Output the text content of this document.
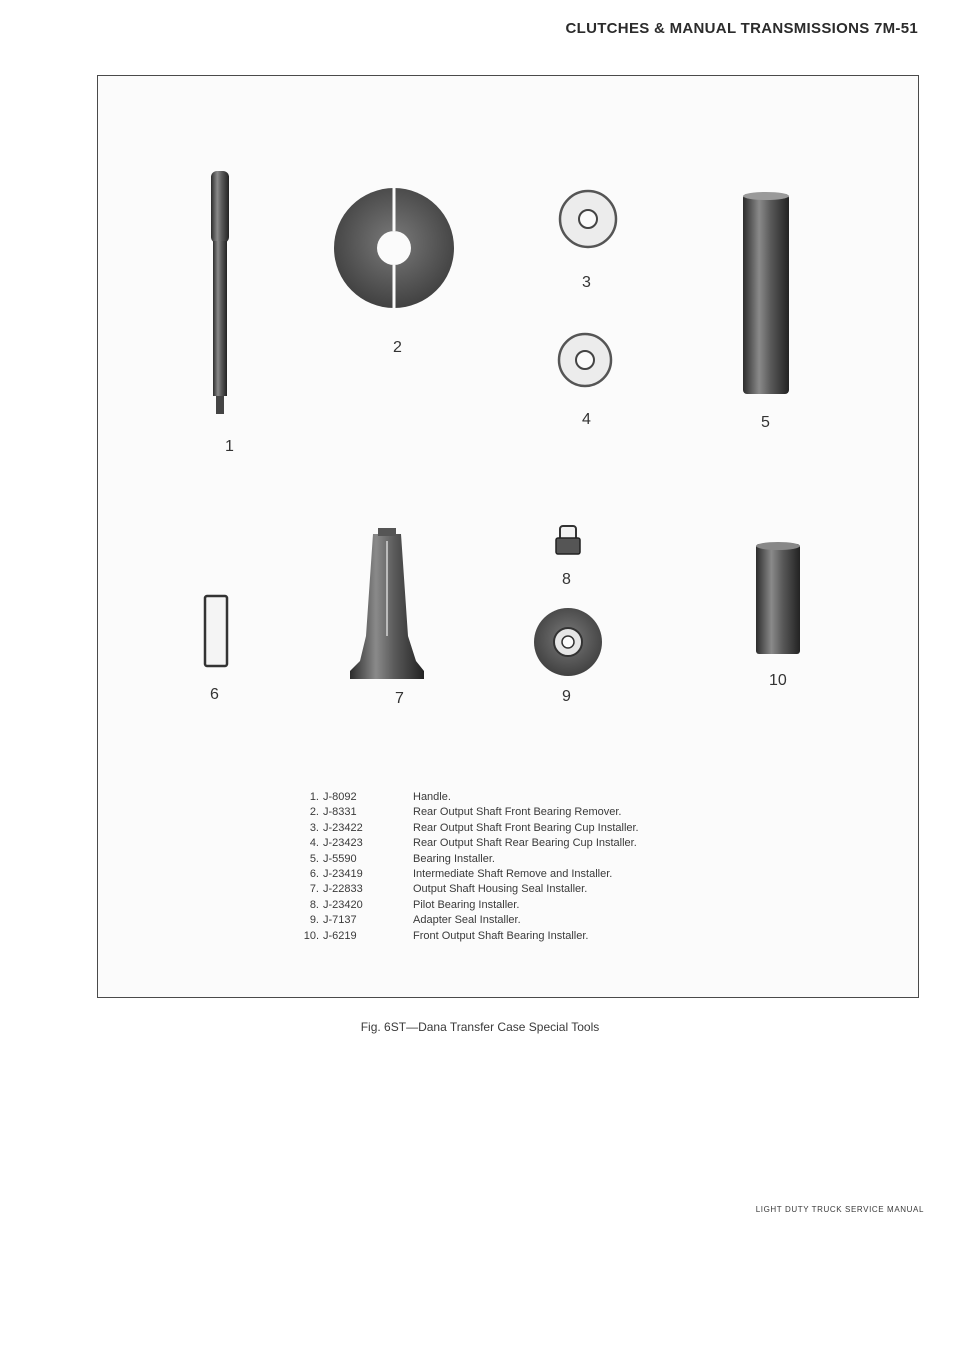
CLUTCHES & MANUAL TRANSMISSIONS 7M-51
1
2
3
4	5
6	7
8
9
10
1. J-8092	Handle.
2. J-8331	Rear Output Shaft Front Bearing Remover.
3. J-23422	Rear Output Shaft Front Bearing Cup Installer.
4. J-23423	Rear Output Shaft Rear Bearing Cup Installer.
5. J-5590	Bearing Installer.
6. J-23419	Intermediate Shaft Remove and Installer.
7. J-22833	Output Shaft Housing Seal Installer.
8. J-23420	Pilot Bearing Installer.
9. J-7137	Adapter Seal Installer.
10. J-6219	Front Output Shaft Bearing Installer.
Fig. 6ST—Dana Transfer Case Special Tools
LIGHT DUTY TRUCK SERVICE MANUAL
